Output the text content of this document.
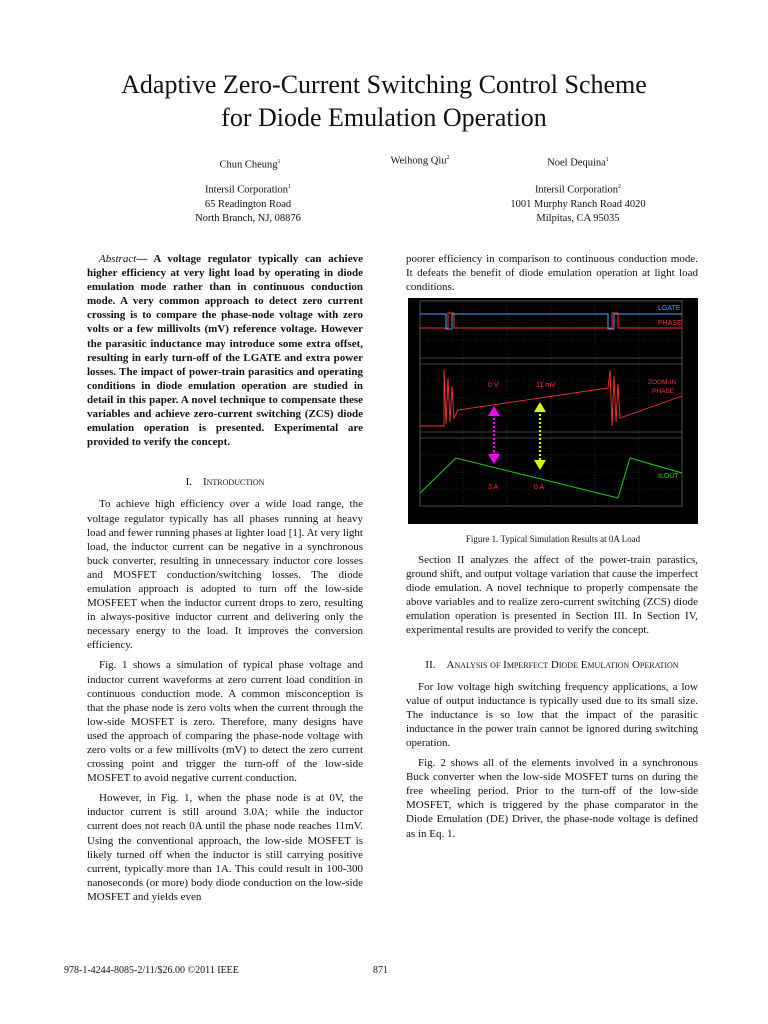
Adaptive Zero-Current Switching Control Scheme
for Diode Emulation Operation
Chun Cheung$^1$	Weihong Qiu$^2$	Noel Dequina$^1$
Intersil Corporation$^1$
65 Readington Road
North Branch, NJ, 08876
Intersil Corporation$^2$
1001 Murphy Ranch Road 4020
Milpitas, CA 95035

Abstract— A voltage regulator typically can achieve higher efficiency at very light load by operating in diode emulation mode rather than in continuous conduction mode. A very common approach to detect zero current crossing is to compare the phase-node voltage with zero volts or a few millivolts (mV) reference voltage. However the parasitic inductance may introduce some extra offset, resulting in early turn-off of the LGATE and extra power losses. The impact of power-train parasitics and operating conditions in diode emulation operation are studied in detail in this paper. A novel technique to compensate these variables and achieve zero-current switching (ZCS) diode emulation operation is presented. Experimental are provided to verify the concept.

I. Introduction

To achieve high efficiency over a wide load range, the voltage regulator typically has all phases running at heavy load and fewer running phases at lighter load [1]. At very light load, the inductor current can be negative in a synchronous buck converter, resulting in unnecessary inductor core losses and MOSFET conduction/switching losses. The diode emulation approach is adopted to turn off the low-side MOSFEET when the inductor current drops to zero, resulting in always-positive inductor current and delivering only the necessary energy to the load. It improves the conversion efficiency.

Fig. 1 shows a simulation of typical phase voltage and inductor current waveforms at zero current load condition in continuous conduction mode. A common misconception is that the phase node is zero volts when the current through the low-side MOSFET is zero. Therefore, many designs have used the approach of comparing the phase-node voltage with zero volts or a few millivolts (mV) to detect the zero current crossing point and trigger the turn-off of the low-side MOSFET to avoid negative current conduction.

However, in Fig. 1, when the phase node is at 0V, the inductor current is still around 3.0A; while the inductor current does not reach 0A until the phase node reaches 11mV. Using the conventional approach, the low-side MOSFET is likely turned off when the inductor is still carrying positive current, typically more than 1A. This could result in 100-300 nanoseconds (or more) body diode conduction on the low-side MOSFET and yields even

poorer efficiency in comparison to continuous conduction mode. It defeats the benefit of diode emulation operation at light load conditions.

LGATE
PHASE
0 V	11 mV	ZOOM-IN
PHASE
3 A	0 A
ILOUT
Figure 1. Typical Simulation Results at 0A Load

Section II analyzes the affect of the power-train parastics, ground shift, and output voltage variation that cause the imperfect diode emulation. A novel technique to properly compensate the above variables and to realize zero-current switching (ZCS) diode emulation operation is presented in Section III. In Section IV, experimental results are provided to verify the concept.

II. Analysis of Imperfect Diode Emulation Operation

For low voltage high switching frequency applications, a low value of output inductance is typically used due to its small size. The inductance is so low that the impact of the parasitic inductance in the power train cannot be ignored during switching operation.

Fig. 2 shows all of the elements involved in a synchronous Buck converter when the low-side MOSFET turns on during the free wheeling period. Prior to the turn-off of the low-side MOSFET, which is triggered by the phase comparator in the Diode Emulation (DE) Driver, the phase-node voltage is defined as in Eq. 1.

978-1-4244-8085-2/11/$26.00 ©2011 IEEE	871
